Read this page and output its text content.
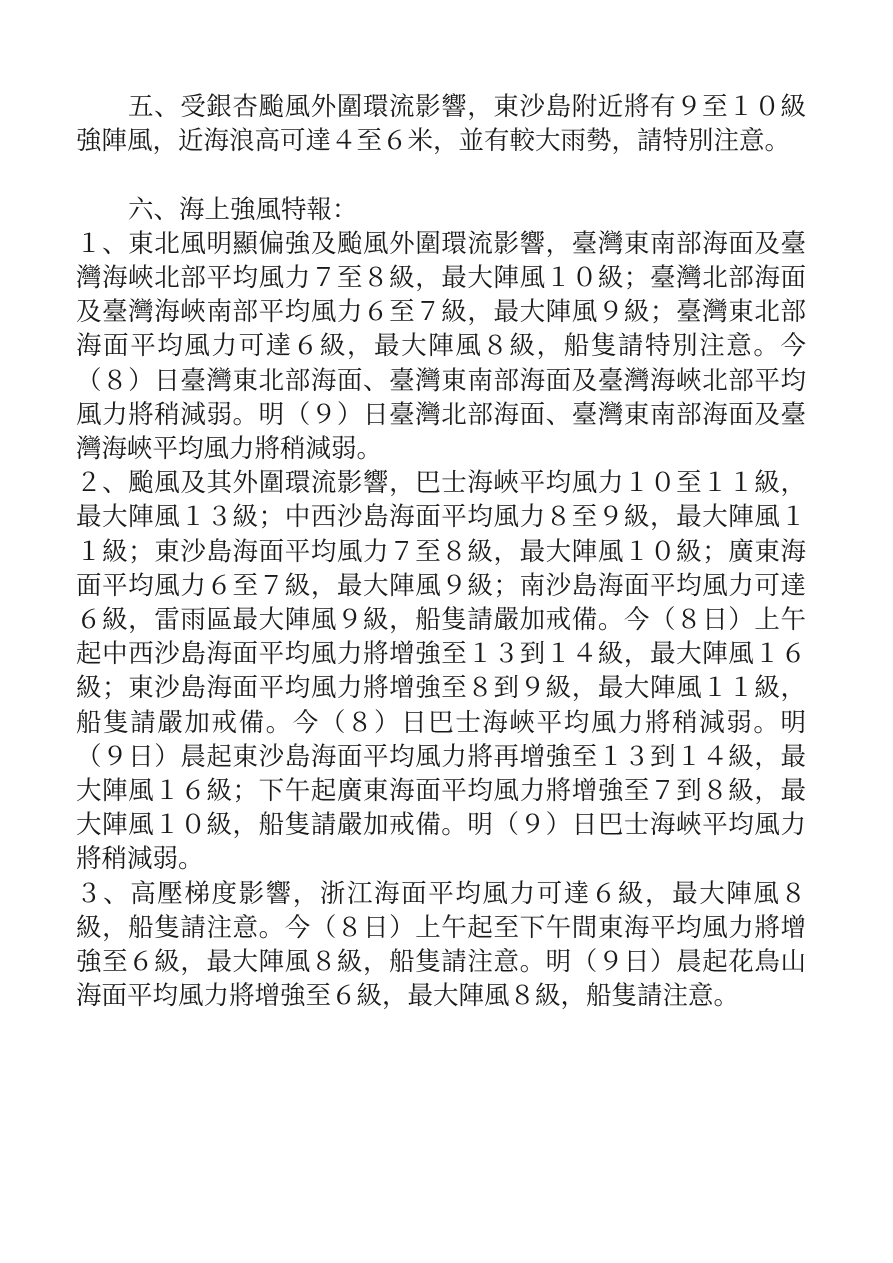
五、受銀杏颱風外圍環流影響，東沙島附近將有９至１０級強陣風，近海浪高可達４至６米，並有較大雨勢，請特別注意。

六、海上強風特報：

１、東北風明顯偏強及颱風外圍環流影響，臺灣東南部海面及臺灣海峽北部平均風力７至８級，最大陣風１０級；臺灣北部海面及臺灣海峽南部平均風力６至７級，最大陣風９級；臺灣東北部海面平均風力可達６級，最大陣風８級，船隻請特別注意。今（８）日臺灣東北部海面、臺灣東南部海面及臺灣海峽北部平均風力將稍減弱。明（９）日臺灣北部海面、臺灣東南部海面及臺灣海峽平均風力將稍減弱。

２、颱風及其外圍環流影響，巴士海峽平均風力１０至１１級，最大陣風１３級；中西沙島海面平均風力８至９級，最大陣風１１級；東沙島海面平均風力７至８級，最大陣風１０級；廣東海面平均風力６至７級，最大陣風９級；南沙島海面平均風力可達６級，雷雨區最大陣風９級，船隻請嚴加戒備。今（８日）上午起中西沙島海面平均風力將增強至１３到１４級，最大陣風１６級；東沙島海面平均風力將增強至８到９級，最大陣風１１級，船隻請嚴加戒備。今（８）日巴士海峽平均風力將稍減弱。明（９日）晨起東沙島海面平均風力將再增強至１３到１４級，最大陣風１６級；下午起廣東海面平均風力將增強至７到８級，最大陣風１０級，船隻請嚴加戒備。明（９）日巴士海峽平均風力將稍減弱。

３、高壓梯度影響，浙江海面平均風力可達６級，最大陣風８級，船隻請注意。今（８日）上午起至下午間東海平均風力將增強至６級，最大陣風８級，船隻請注意。明（９日）晨起花鳥山海面平均風力將增強至６級，最大陣風８級，船隻請注意。
